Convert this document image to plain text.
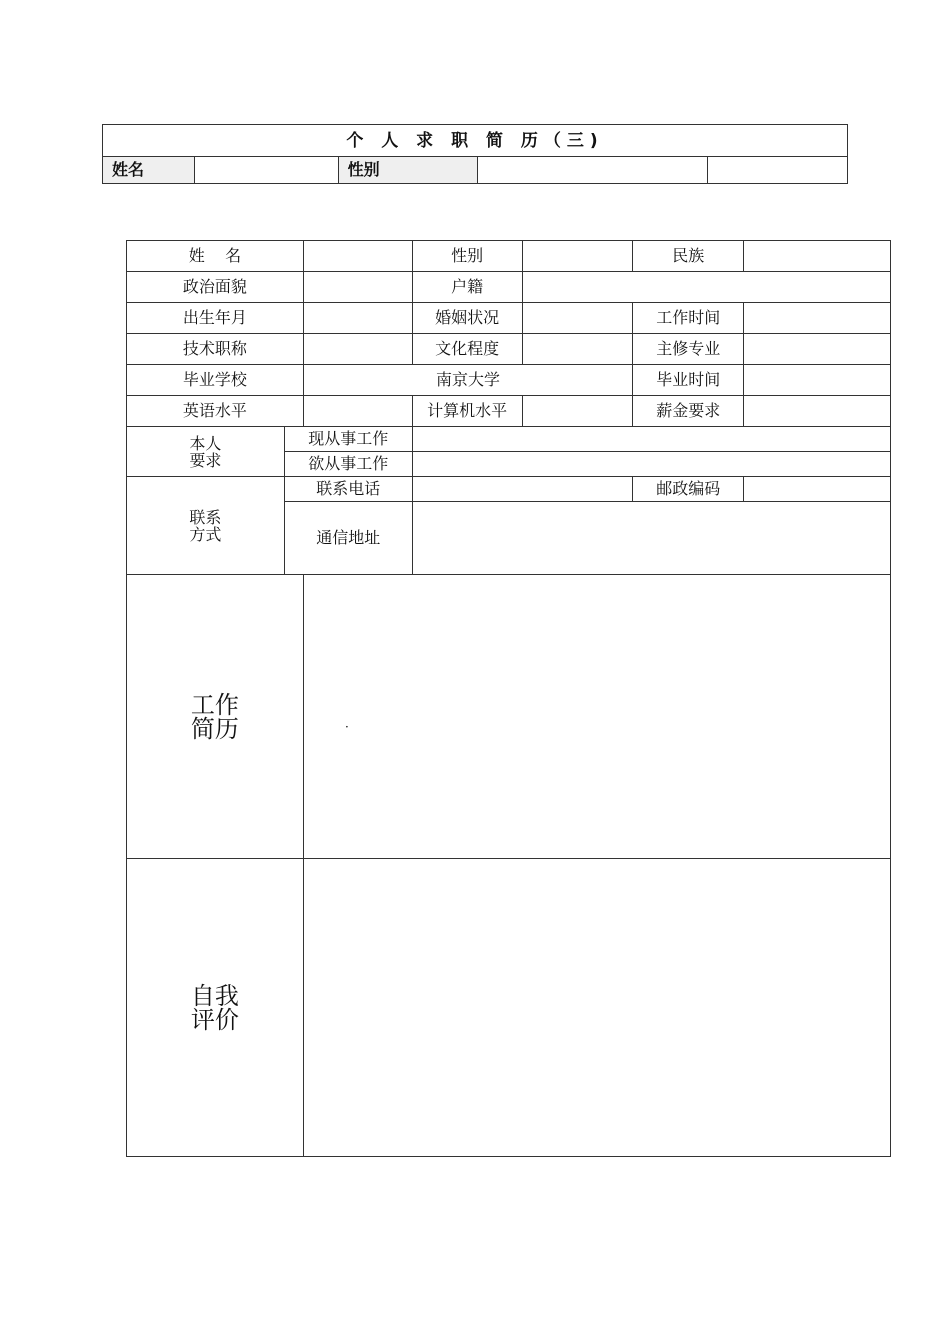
个 人 求 职 简 历（三)
姓名		性别		
姓    名			性别		民族	
政治面貌			户籍			
出生年月			婚姻状况		工作时间	
技术职称			文化程度		主修专业	
毕业学校		南京大学			毕业时间	
英语水平			计算机水平		薪金要求	

本人
要求	现从事工作					
	欲从事工作					

联系
方式	联系电话				邮政编码	
	通信地址					

工作
简历						

自我
评价						

·
